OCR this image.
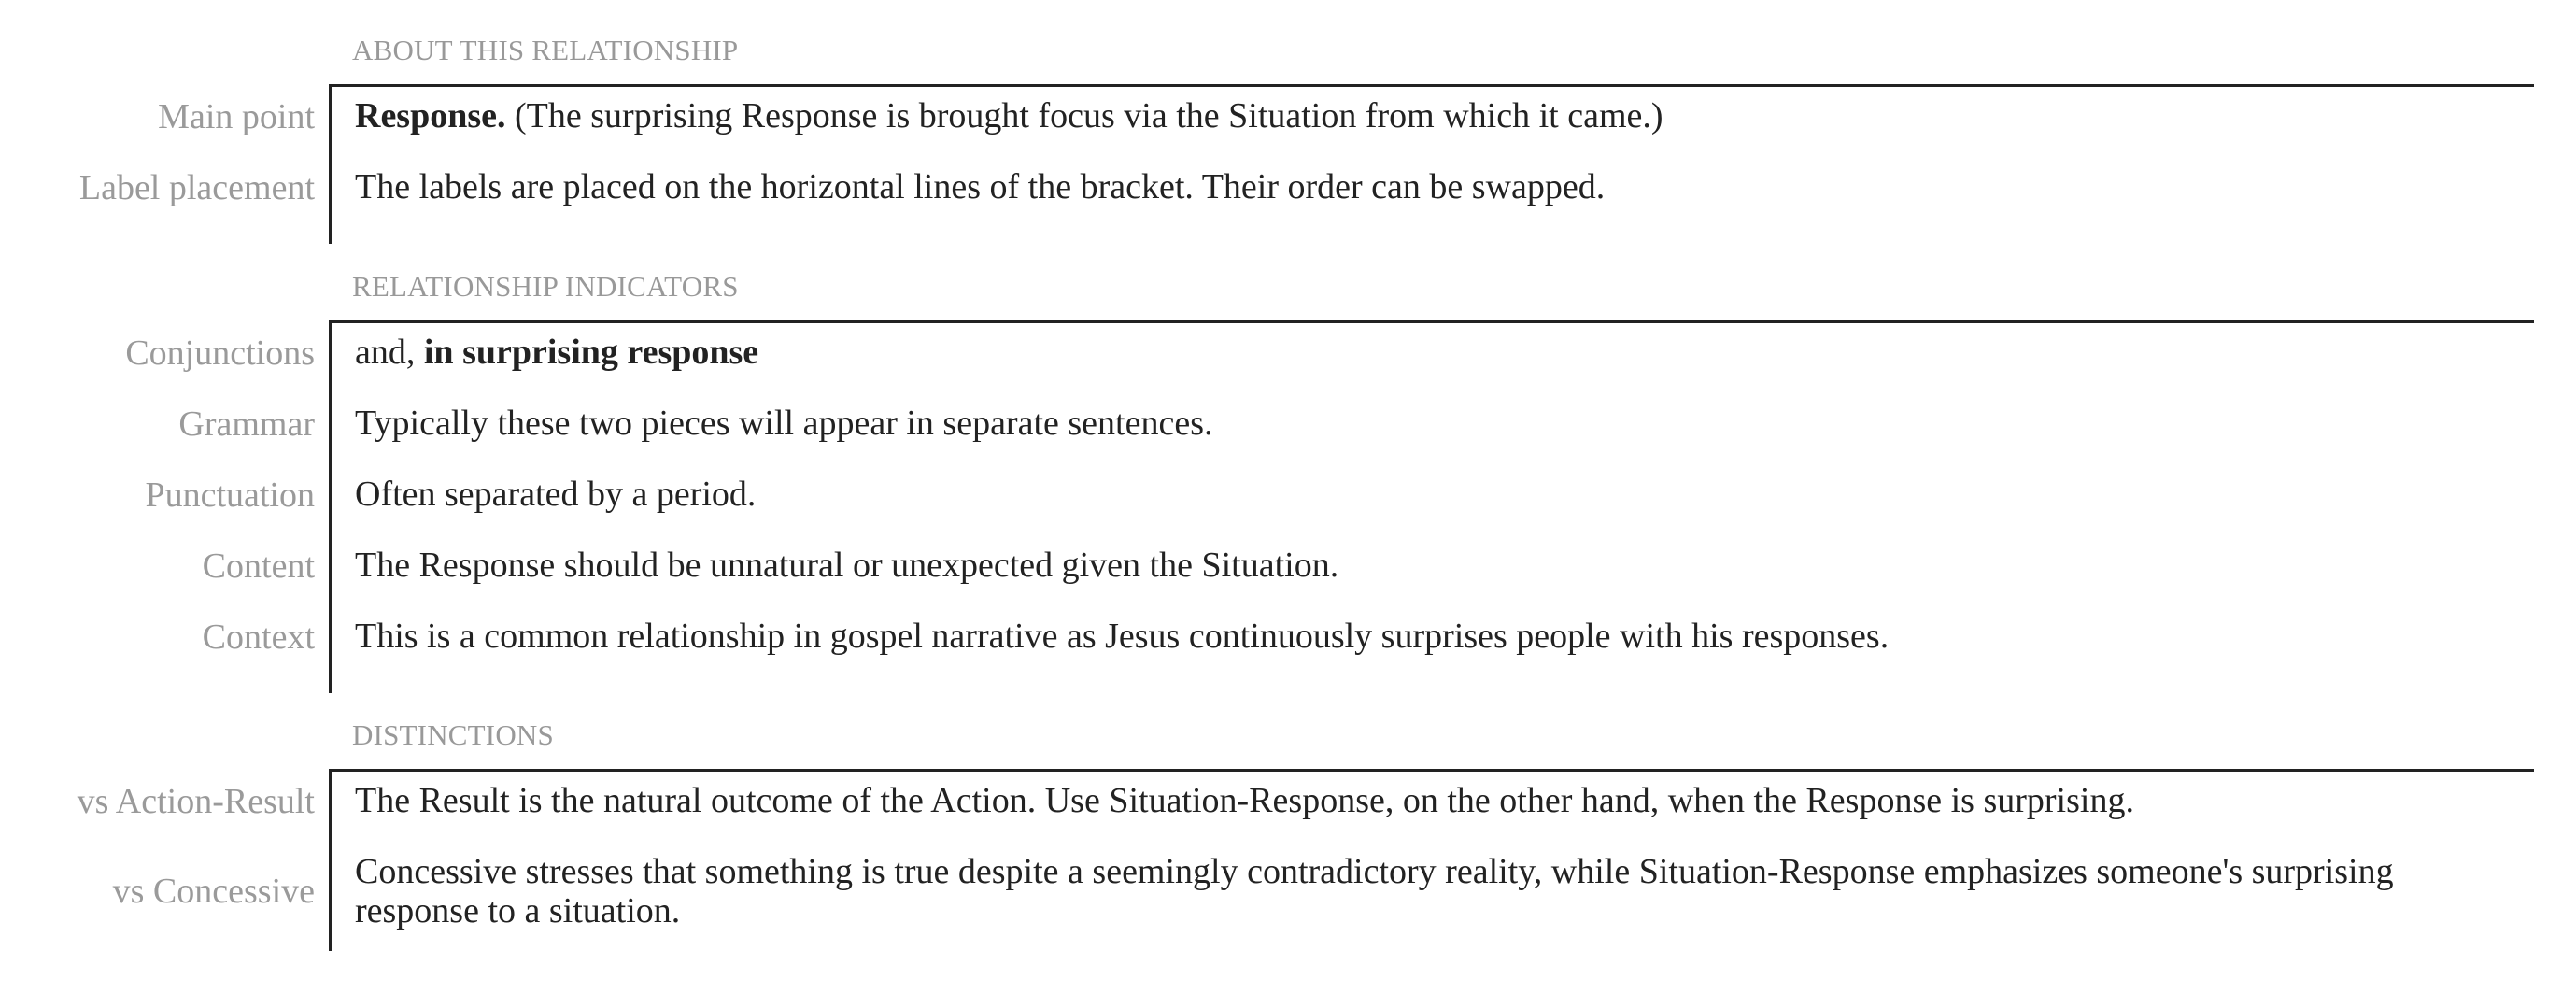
ABOUT THIS RELATIONSHIP
Main point Response. (The surprising Response is brought focus via the Situation from which it came.)
Label placement The labels are placed on the horizontal lines of the bracket. Their order can be swapped.
RELATIONSHIP INDICATORS
Conjunctions and, in surprising response
Grammar Typically these two pieces will appear in separate sentences.
Punctuation Often separated by a period.
Content The Response should be unnatural or unexpected given the Situation.
Context This is a common relationship in gospel narrative as Jesus continuously surprises people with his responses.
DISTINCTIONS
vs Action-Result The Result is the natural outcome of the Action. Use Situation-Response, on the other hand, when the Response is surprising.
vs Concessive Concessive stresses that something is true despite a seemingly contradictory reality, while Situation-Response emphasizes someone's surprising response to a situation.
